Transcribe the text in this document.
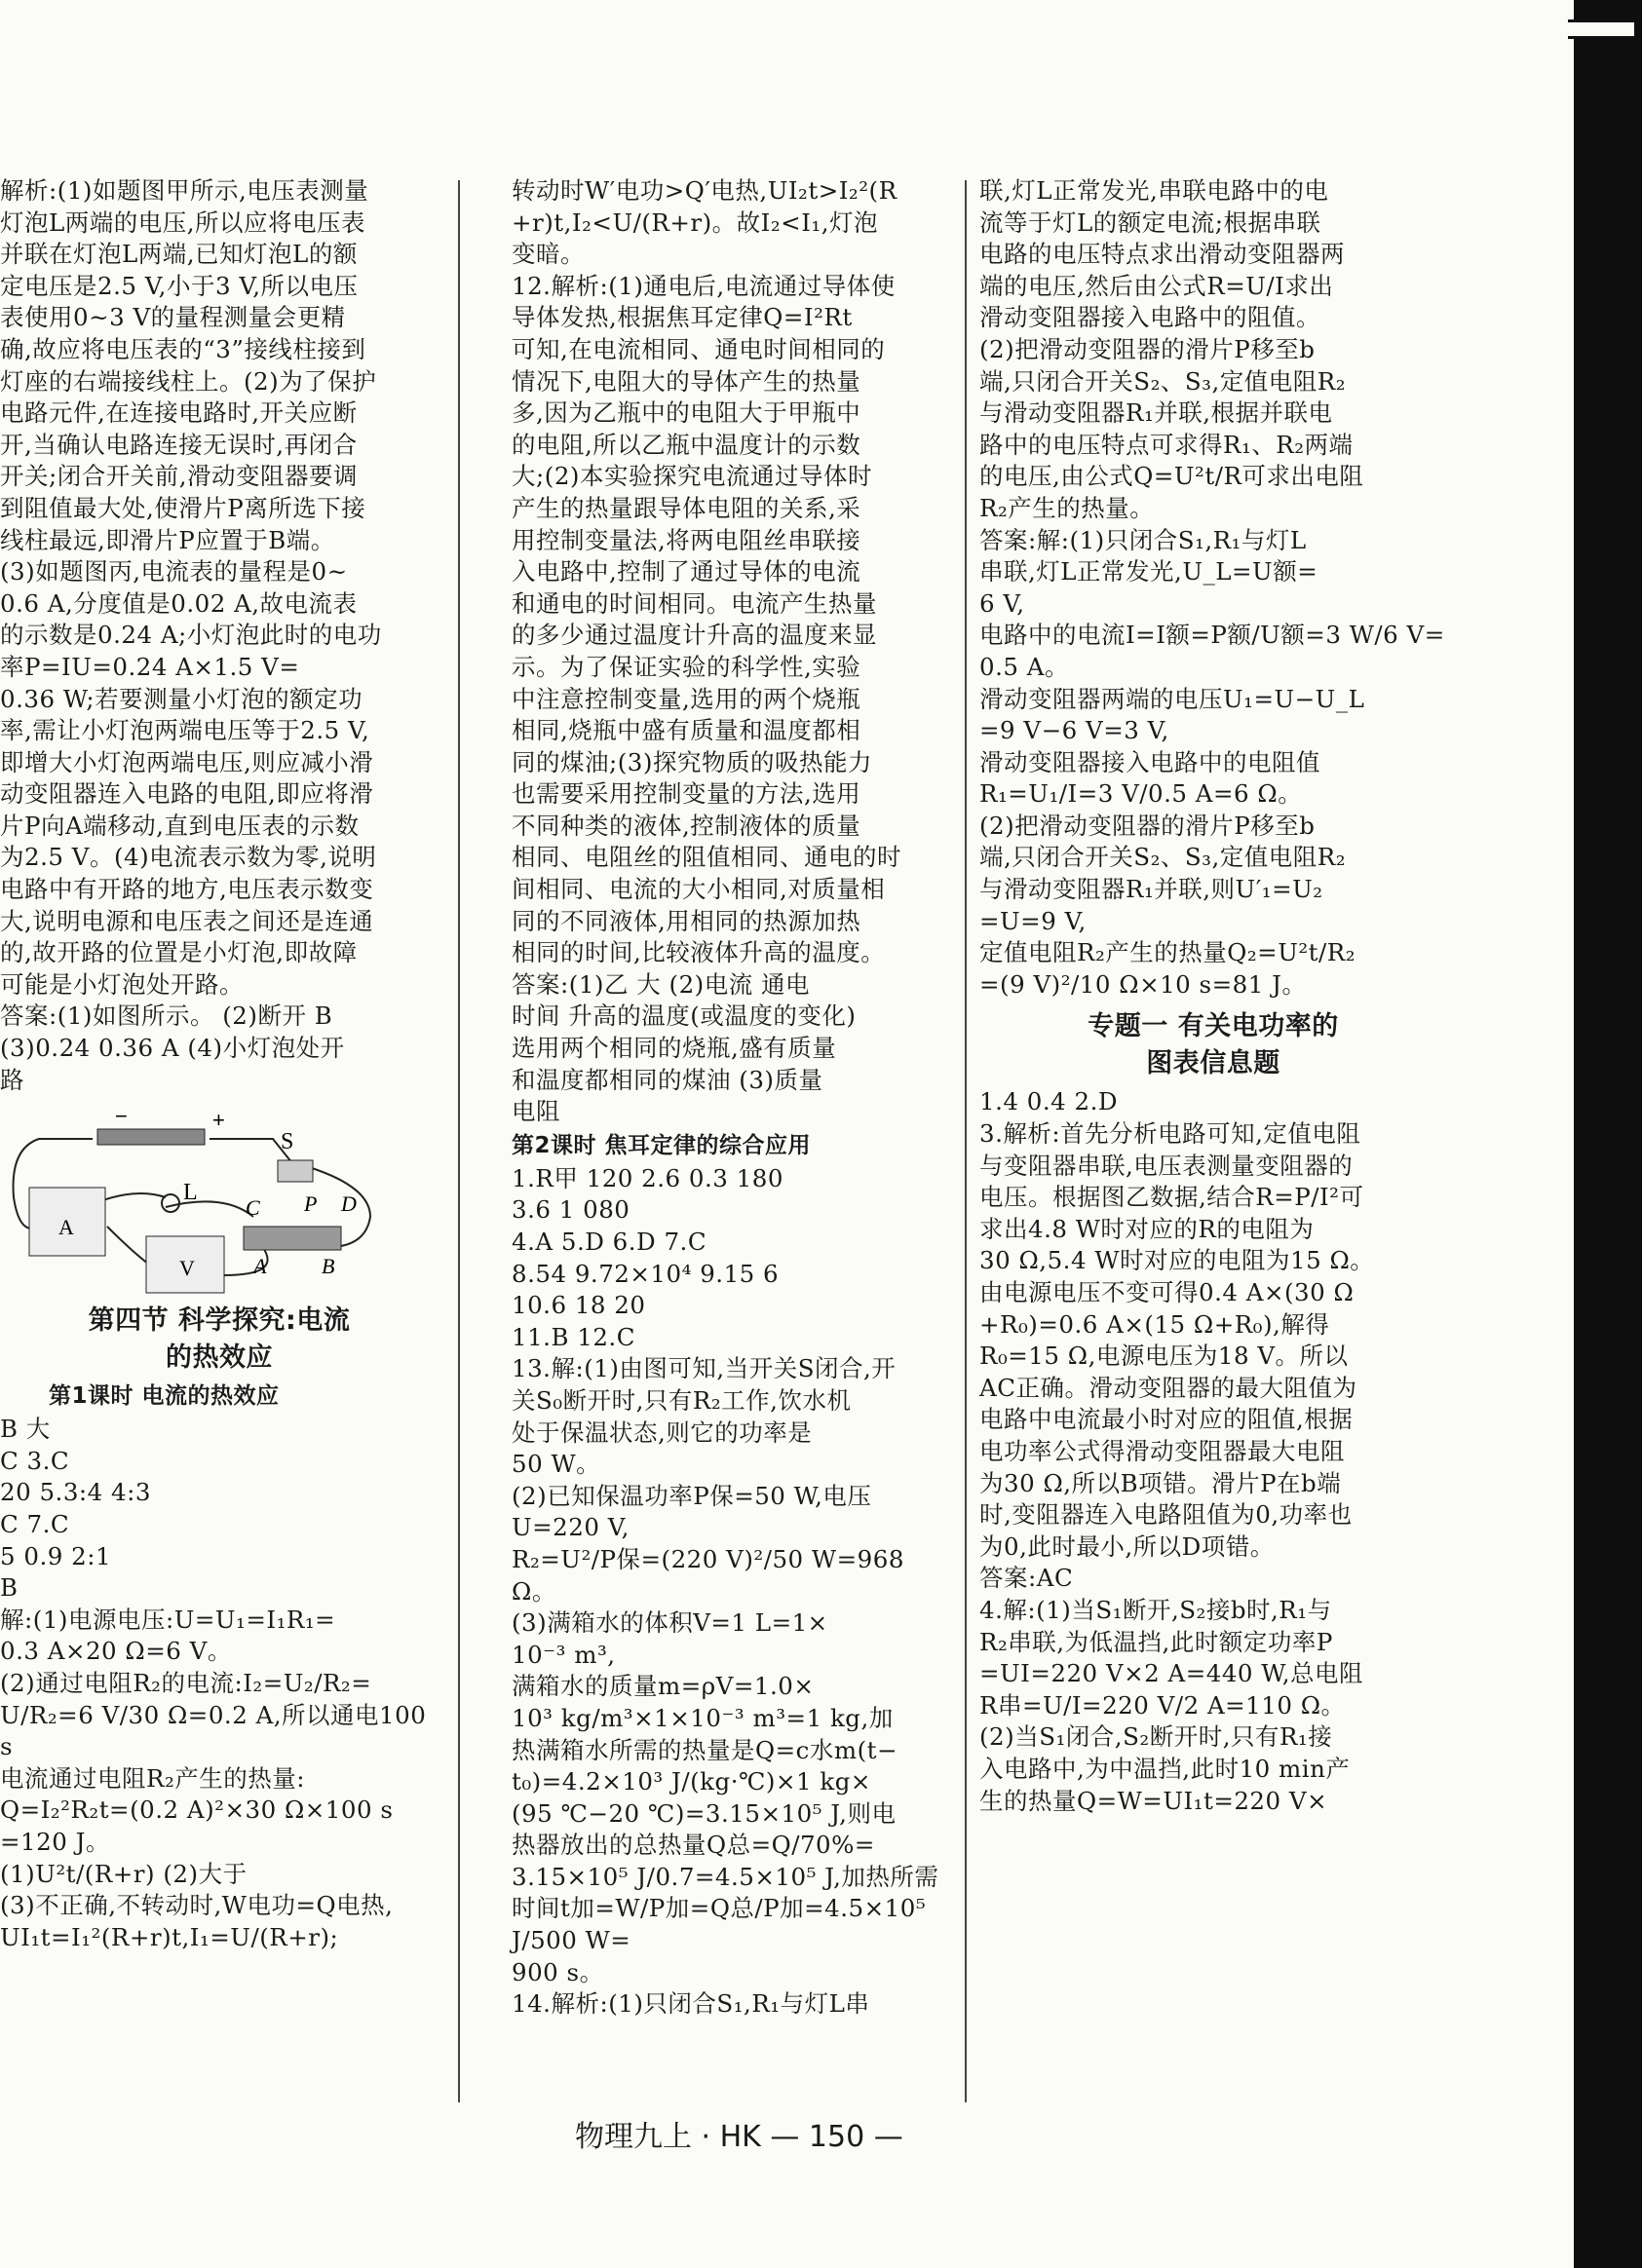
解析:(1)如题图甲所示,电压表测量
灯泡L两端的电压,所以应将电压表
并联在灯泡L两端,已知灯泡L的额
定电压是2.5 V,小于3 V,所以电压
表使用0~3 V的量程测量会更精
确,故应将电压表的“3”接线柱接到
灯座的右端接线柱上。(2)为了保护
电路元件,在连接电路时,开关应断
开,当确认电路连接无误时,再闭合
开关;闭合开关前,滑动变阻器要调
到阻值最大处,使滑片P离所选下接
线柱最远,即滑片P应置于B端。
(3)如题图丙,电流表的量程是0~
0.6 A,分度值是0.02 A,故电流表
的示数是0.24 A;小灯泡此时的电功
率P=IU=0.24 A×1.5 V=
0.36 W;若要测量小灯泡的额定功
率,需让小灯泡两端电压等于2.5 V,
即增大小灯泡两端电压,则应减小滑
动变阻器连入电路的电阻,即应将滑
片P向A端移动,直到电压表的示数
为2.5 V。(4)电流表示数为零,说明
电路中有开路的地方,电压表示数变
大,说明电源和电压表之间还是连通
的,故开路的位置是小灯泡,即故障
可能是小灯泡处开路。
答案:(1)如图所示。 (2)断开 B
(3)0.24 0.36 A (4)小灯泡处开
路
−	+
S
A
L
C P D
A	B
V
第四节 科学探究:电流
的热效应
第1课时 电流的热效应
B 大
C 3.C
20 5.3:4 4:3
C 7.C
5 0.9 2:1
B
解:(1)电源电压:U=U₁=I₁R₁=
0.3 A×20 Ω=6 V。
(2)通过电阻R₂的电流:I₂=U₂/R₂=
U/R₂=6 V/30 Ω=0.2 A,所以通电100 s
电流通过电阻R₂产生的热量:
Q=I₂²R₂t=(0.2 A)²×30 Ω×100 s
=120 J。
(1)U²t/(R+r) (2)大于
(3)不正确,不转动时,W电功=Q电热,
UI₁t=I₁²(R+r)t,I₁=U/(R+r);
转动时W′电功>Q′电热,UI₂t>I₂²(R
+r)t,I₂<U/(R+r)。故I₂<I₁,灯泡
变暗。
12.解析:(1)通电后,电流通过导体使
导体发热,根据焦耳定律Q=I²Rt
可知,在电流相同、通电时间相同的
情况下,电阻大的导体产生的热量
多,因为乙瓶中的电阻大于甲瓶中
的电阻,所以乙瓶中温度计的示数
大;(2)本实验探究电流通过导体时
产生的热量跟导体电阻的关系,采
用控制变量法,将两电阻丝串联接
入电路中,控制了通过导体的电流
和通电的时间相同。电流产生热量
的多少通过温度计升高的温度来显
示。为了保证实验的科学性,实验
中注意控制变量,选用的两个烧瓶
相同,烧瓶中盛有质量和温度都相
同的煤油;(3)探究物质的吸热能力
也需要采用控制变量的方法,选用
不同种类的液体,控制液体的质量
相同、电阻丝的阻值相同、通电的时
间相同、电流的大小相同,对质量相
同的不同液体,用相同的热源加热
相同的时间,比较液体升高的温度。
答案:(1)乙 大 (2)电流 通电
时间 升高的温度(或温度的变化)
选用两个相同的烧瓶,盛有质量
和温度都相同的煤油 (3)质量
电阻
第2课时 焦耳定律的综合应用
1.R甲 120 2.6 0.3 180
3.6 1 080
4.A 5.D 6.D 7.C
8.54 9.72×10⁴ 9.15 6
10.6 18 20
11.B 12.C
13.解:(1)由图可知,当开关S闭合,开
关S₀断开时,只有R₂工作,饮水机
处于保温状态,则它的功率是
50 W。
(2)已知保温功率P保=50 W,电压
U=220 V,
R₂=U²/P保=(220 V)²/50 W=968 Ω。
(3)满箱水的体积V=1 L=1×
10⁻³ m³,
满箱水的质量m=ρV=1.0×
10³ kg/m³×1×10⁻³ m³=1 kg,加
热满箱水所需的热量是Q=c水m(t−
t₀)=4.2×10³ J/(kg·℃)×1 kg×
(95 ℃−20 ℃)=3.15×10⁵ J,则电
热器放出的总热量Q总=Q/70%=
3.15×10⁵ J/0.7=4.5×10⁵ J,加热所需
时间t加=W/P加=Q总/P加=4.5×10⁵ J/500 W=
900 s。
14.解析:(1)只闭合S₁,R₁与灯L串
联,灯L正常发光,串联电路中的电
流等于灯L的额定电流;根据串联
电路的电压特点求出滑动变阻器两
端的电压,然后由公式R=U/I求出
滑动变阻器接入电路中的阻值。
(2)把滑动变阻器的滑片P移至b
端,只闭合开关S₂、S₃,定值电阻R₂
与滑动变阻器R₁并联,根据并联电
路中的电压特点可求得R₁、R₂两端
的电压,由公式Q=U²t/R可求出电阻
R₂产生的热量。
答案:解:(1)只闭合S₁,R₁与灯L
串联,灯L正常发光,U_L=U额=
6 V,
电路中的电流I=I额=P额/U额=3 W/6 V=
0.5 A。
滑动变阻器两端的电压U₁=U−U_L
=9 V−6 V=3 V,
滑动变阻器接入电路中的电阻值
R₁=U₁/I=3 V/0.5 A=6 Ω。
(2)把滑动变阻器的滑片P移至b
端,只闭合开关S₂、S₃,定值电阻R₂
与滑动变阻器R₁并联,则U′₁=U₂
=U=9 V,
定值电阻R₂产生的热量Q₂=U²t/R₂
=(9 V)²/10 Ω×10 s=81 J。
专题一 有关电功率的
图表信息题
1.4 0.4 2.D
3.解析:首先分析电路可知,定值电阻
与变阻器串联,电压表测量变阻器的
电压。根据图乙数据,结合R=P/I²可
求出4.8 W时对应的R的电阻为
30 Ω,5.4 W时对应的电阻为15 Ω。
由电源电压不变可得0.4 A×(30 Ω
+R₀)=0.6 A×(15 Ω+R₀),解得
R₀=15 Ω,电源电压为18 V。所以
AC正确。滑动变阻器的最大阻值为
电路中电流最小时对应的阻值,根据
电功率公式得滑动变阻器最大电阻
为30 Ω,所以B项错。滑片P在b端
时,变阻器连入电路阻值为0,功率也
为0,此时最小,所以D项错。
答案:AC
4.解:(1)当S₁断开,S₂接b时,R₁与
R₂串联,为低温挡,此时额定功率P
=UI=220 V×2 A=440 W,总电阻
R串=U/I=220 V/2 A=110 Ω。
(2)当S₁闭合,S₂断开时,只有R₁接
入电路中,为中温挡,此时10 min产
生的热量Q=W=UI₁t=220 V×
物理九上 · HK — 150 —
